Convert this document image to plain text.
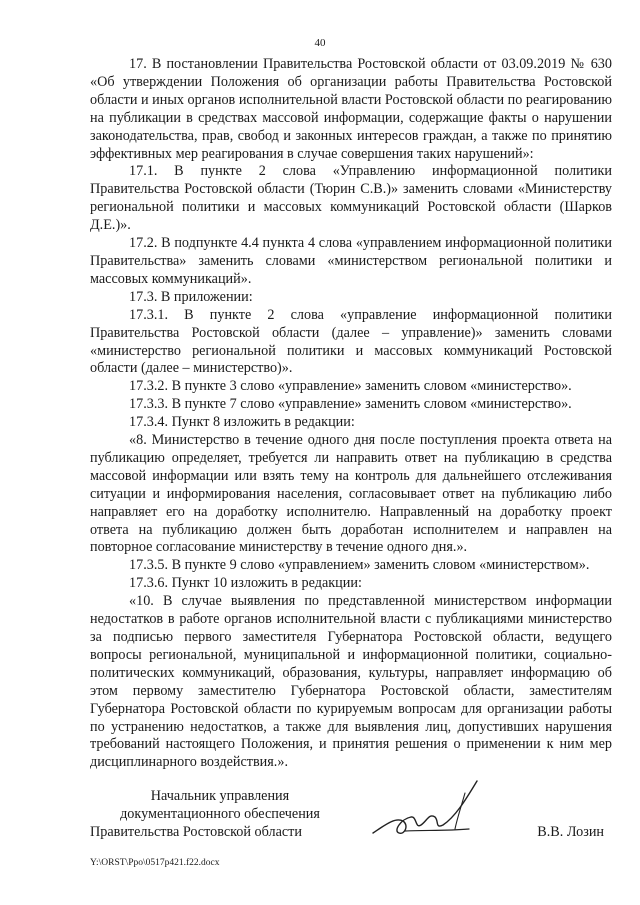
40

17. В постановлении Правительства Ростовской области от 03.09.2019 № 630 «Об утверждении Положения об организации работы Правительства Ростовской области и иных органов исполнительной власти Ростовской области по реагированию на публикации в средствах массовой информации, содержащие факты о нарушении законодательства, прав, свобод и законных интересов граждан, а также по принятию эффективных мер реагирования в случае совершения таких нарушений»:

17.1. В пункте 2 слова «Управлению информационной политики Правительства Ростовской области (Тюрин С.В.)» заменить словами «Министерству региональной политики и массовых коммуникаций Ростовской области (Шарков Д.Е.)».

17.2. В подпункте 4.4 пункта 4 слова «управлением информационной политики Правительства» заменить словами «министерством региональной политики и массовых коммуникаций».

17.3. В приложении:

17.3.1. В пункте 2 слова «управление информационной политики Правительства Ростовской области (далее – управление)» заменить словами «министерство региональной политики и массовых коммуникаций Ростовской области (далее – министерство)».

17.3.2. В пункте 3 слово «управление» заменить словом «министерство».

17.3.3. В пункте 7 слово «управление» заменить словом «министерство».

17.3.4. Пункт 8 изложить в редакции:

«8. Министерство в течение одного дня после поступления проекта ответа на публикацию определяет, требуется ли направить ответ на публикацию в средства массовой информации или взять тему на контроль для дальнейшего отслеживания ситуации и информирования населения, согласовывает ответ на публикацию либо направляет его на доработку исполнителю. Направленный на доработку проект ответа на публикацию должен быть доработан исполнителем и направлен на повторное согласование министерству в течение одного дня.».

17.3.5. В пункте 9 слово «управлением» заменить словом «министерством».

17.3.6. Пункт 10 изложить в редакции:

«10. В случае выявления по представленной министерством информации недостатков в работе органов исполнительной власти с публикациями министерство за подписью первого заместителя Губернатора Ростовской области, ведущего вопросы региональной, муниципальной и информационной политики, социально-политических коммуникаций, образования, культуры, направляет информацию об этом первому заместителю Губернатора Ростовской области, заместителям Губернатора Ростовской области по курируемым вопросам для организации работы по устранению недостатков, а также для выявления лиц, допустивших нарушения требований настоящего Положения, и принятия решения о применении к ним мер дисциплинарного воздействия.».

Начальник управления
документационного обеспечения
Правительства Ростовской области	В.В. Лозин
Y:\ORST\Ppo\0517p421.f22.docx
